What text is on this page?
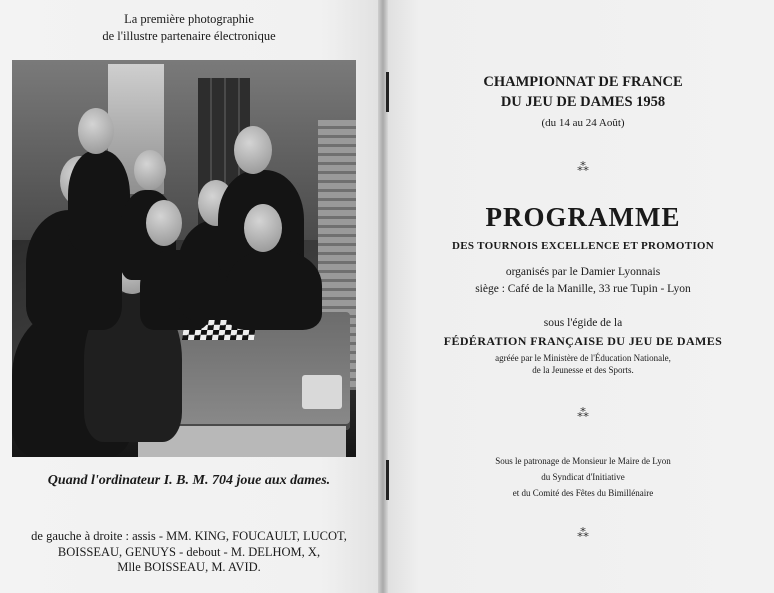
La première photographie
de l'illustre partenaire électronique
Quand l'ordinateur I. B. M. 704 joue aux dames.
de gauche à droite : assis - MM. KING, FOUCAULT, LUCOT,
BOISSEAU, GENUYS - debout - M. DELHOM, X,
Mlle BOISSEAU, M. AVID.
CHAMPIONNAT DE FRANCE
DU JEU DE DAMES 1958
(du 14 au 24 Août)
⁂
PROGRAMME
DES TOURNOIS EXCELLENCE ET PROMOTION
organisés par le Damier Lyonnais
siège : Café de la Manille, 33 rue Tupin - Lyon
sous l'égide de la
FÉDÉRATION FRANÇAISE DU JEU DE DAMES
agréée par le Ministère de l'Éducation Nationale,
de la Jeunesse et des Sports.
⁂
Sous le patronage de Monsieur le Maire de Lyon
du Syndicat d'Initiative
et du Comité des Fêtes du Bimillénaire
⁂
